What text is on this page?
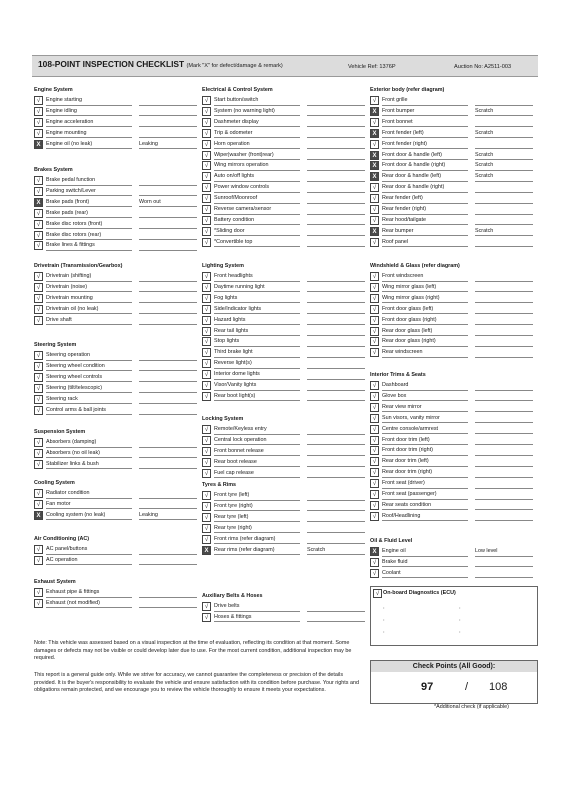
108-POINT INSPECTION CHECKLIST (Mark "X" for defect/damage & remark)	Vehicle Ref: 1376P	Auction No: A2511-003
Engine System
√	Engine starting
√	Engine idling
√	Engine acceleration
√	Engine mounting
X	Engine oil (no leak)	Leaking
Brakes System
√	Brake pedal function
√	Parking switch/Lever
X	Brake pads (front)	Worn out
√	Brake pads (rear)
√	Brake disc rotors (front)
√	Brake disc rotors (rear)
√	Brake lines & fittings
Drivetrain (Transmission/Gearbox)
√	Drivetrain (shifting)
√	Drivetrain (noise)
√	Drivetrain mounting
√	Drivetrain oil (no leak)
√	Drive shaft
Steering System
√	Steering operation
√	Steering wheel condition
√	Steering wheel controls
√	Steering (tilt/telescopic)
√	Steering rack
√	Control arms & ball joints
Suspension System
√	Absorbers (damping)
√	Absorbers (no oil leak)
√	Stabilizer links & bush
Cooling System
√	Radiator condition
√	Fan motor
X	Cooling system (no leak)	Leaking
Air Conditioning (AC)
√	AC panel/buttons
√	AC operation
Exhaust System
√	Exhaust pipe & fittings
√	Exhaust (not modified)
Electrical & Control System
√	Start button/switch
√	System (no warning light)
√	Dashmeter display
√	Trip & odometer
√	Horn operation
√	Wiper|washer (front|rear)
√	Wing mirrors operation
√	Auto on/off lights
√	Power window controls
√	Sunroof/Moonroof
√	Reverse camera/sensor
√	Battery condition
√	*Sliding door
√	*Convertible top
Lighting System
√	Front headlights
√	Daytime running light
√	Fog lights
√	Side/Indicator lights
√	Hazard lights
√	Rear tail lights
√	Stop lights
√	Third brake light
√	Reverse light(s)
√	Interior dome lights
√	Visor/Vanity lights
√	Rear boot light(s)
Locking System
√	Remote/Keyless entry
√	Central lock operation
√	Front bonnet release
√	Rear boot release
√	Fuel cap release
Tyres & Rims
√	Front tyre (left)
√	Front tyre (right)
√	Rear tyre (left)
√	Rear tyre (right)
√	Front rims (refer diagram)
X	Rear rims (refer diagram)	Scratch
Auxiliary Belts & Hoses
√	Drive belts
√	Hoses & fittings
Exterior body (refer diagram)
√	Front grille
X	Front bumper	Scratch
√	Front bonnet
X	Front fender (left)	Scratch
√	Front fender (right)
X	Front door & handle (left)	Scratch
X	Front door & handle (right)	Scratch
X	Rear door & handle (left)	Scratch
√	Rear door & handle (right)
√	Rear fender (left)
√	Rear fender (right)
√	Rear hood/tailgate
X	Rear bumper	Scratch
√	Roof panel
Windshield & Glass (refer diagram)
√	Front windscreen
√	Wing mirror glass (left)
√	Wing mirror glass (right)
√	Front door glass (left)
√	Front door glass (right)
√	Rear door glass (left)
√	Rear door glass (right)
√	Rear windscreen
Interior Trims & Seats
√	Dashboard
√	Glove box
√	Rear view mirror
√	Sun visors, vanity mirror
√	Centre console/armrest
√	Front door trim (left)
√	Front door trim (right)
√	Rear door trim (left)
√	Rear door trim (right)
√	Front seat (driver)
√	Front seat (passenger)
√	Rear seats condition
√	Roof/Headlining
Oil & Fluid Level
X	Engine oil	Low level
√	Brake fluid
√	Coolant
√ On-board Diagnostics (ECU)
•	•
•	•
•	•
Note: This vehicle was assessed based on a visual inspection at the time of evaluation, reflecting its condition at that moment. Some damages or defects may not be visible or could develop later due to use. For the most current condition, additional inspection may be required.
This report is a general guide only. While we strive for accuracy, we cannot guarantee the completeness or precision of the details provided. It is the buyer's responsibility to evaluate the vehicle and ensure satisfaction with its condition before purchase. Your rights and obligations remain protected, and we encourage you to review the vehicle thoroughly to ensure it meets your expectations.
Check Points (All Good):
97	/ 108
*Additional check (if applicable)
